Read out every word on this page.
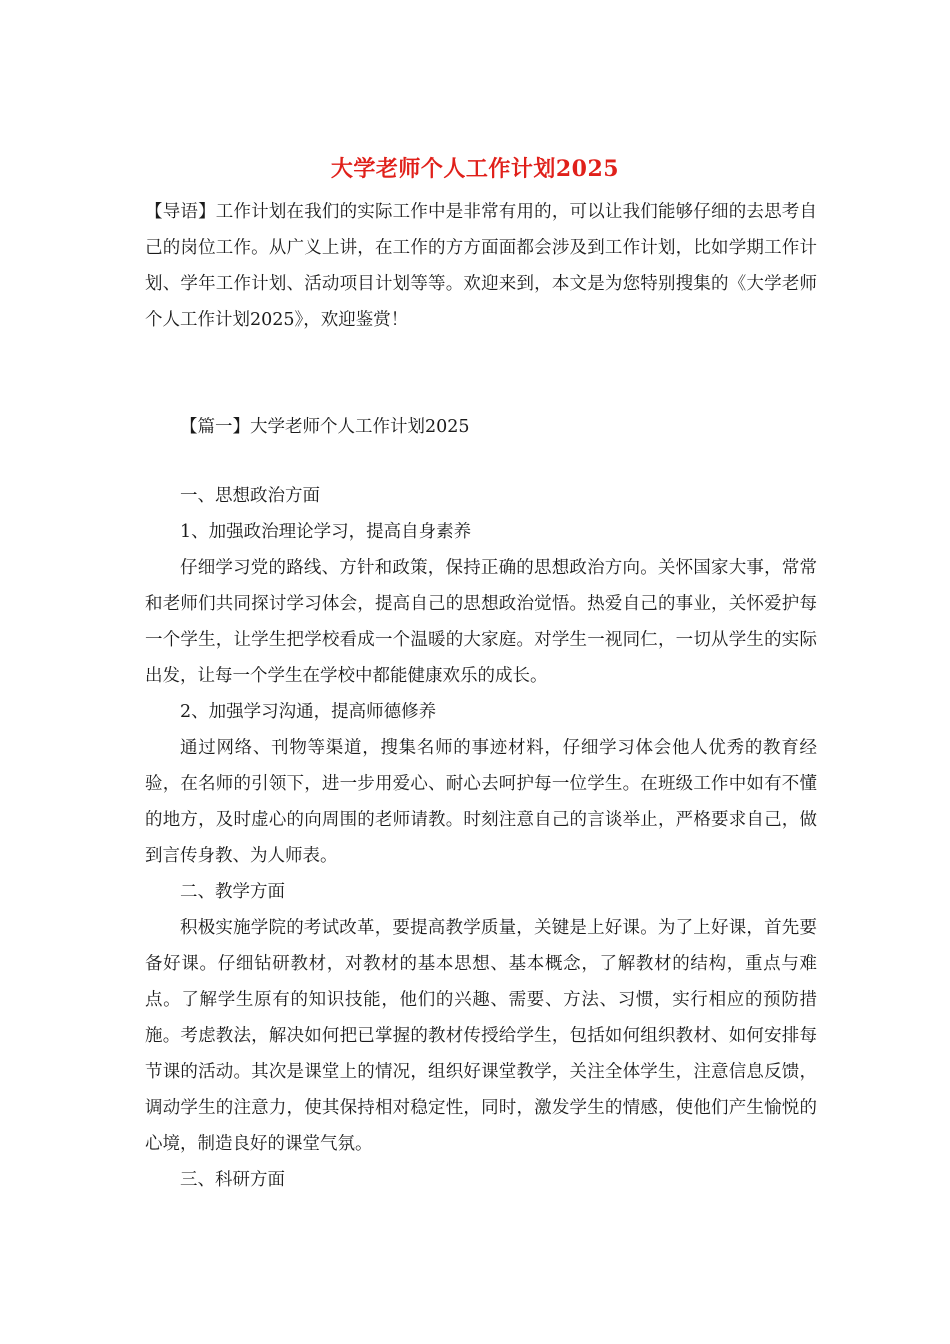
大学老师个人工作计划2025

【导语】工作计划在我们的实际工作中是非常有用的，可以让我们能够仔细的去思考自己的岗位工作。从广义上讲，在工作的方方面面都会涉及到工作计划，比如学期工作计划、学年工作计划、活动项目计划等等。欢迎来到，本文是为您特别搜集的《大学老师个人工作计划2025》，欢迎鉴赏！

【篇一】大学老师个人工作计划2025

一、思想政治方面

1、加强政治理论学习，提高自身素养

仔细学习党的路线、方针和政策，保持正确的思想政治方向。关怀国家大事，常常和老师们共同探讨学习体会，提高自己的思想政治觉悟。热爱自己的事业，关怀爱护每一个学生，让学生把学校看成一个温暖的大家庭。对学生一视同仁，一切从学生的实际出发，让每一个学生在学校中都能健康欢乐的成长。

2、加强学习沟通，提高师德修养

通过网络、刊物等渠道，搜集名师的事迹材料，仔细学习体会他人优秀的教育经验，在名师的引领下，进一步用爱心、耐心去呵护每一位学生。在班级工作中如有不懂的地方，及时虚心的向周围的老师请教。时刻注意自己的言谈举止，严格要求自己，做到言传身教、为人师表。

二、教学方面

积极实施学院的考试改革，要提高教学质量，关键是上好课。为了上好课，首先要备好课。仔细钻研教材，对教材的基本思想、基本概念，了解教材的结构，重点与难点。了解学生原有的知识技能，他们的兴趣、需要、方法、习惯，实行相应的预防措施。考虑教法，解决如何把已掌握的教材传授给学生，包括如何组织教材、如何安排每节课的活动。其次是课堂上的情况，组织好课堂教学，关注全体学生，注意信息反馈，调动学生的注意力，使其保持相对稳定性，同时，激发学生的情感，使他们产生愉悦的心境，制造良好的课堂气氛。

三、科研方面
